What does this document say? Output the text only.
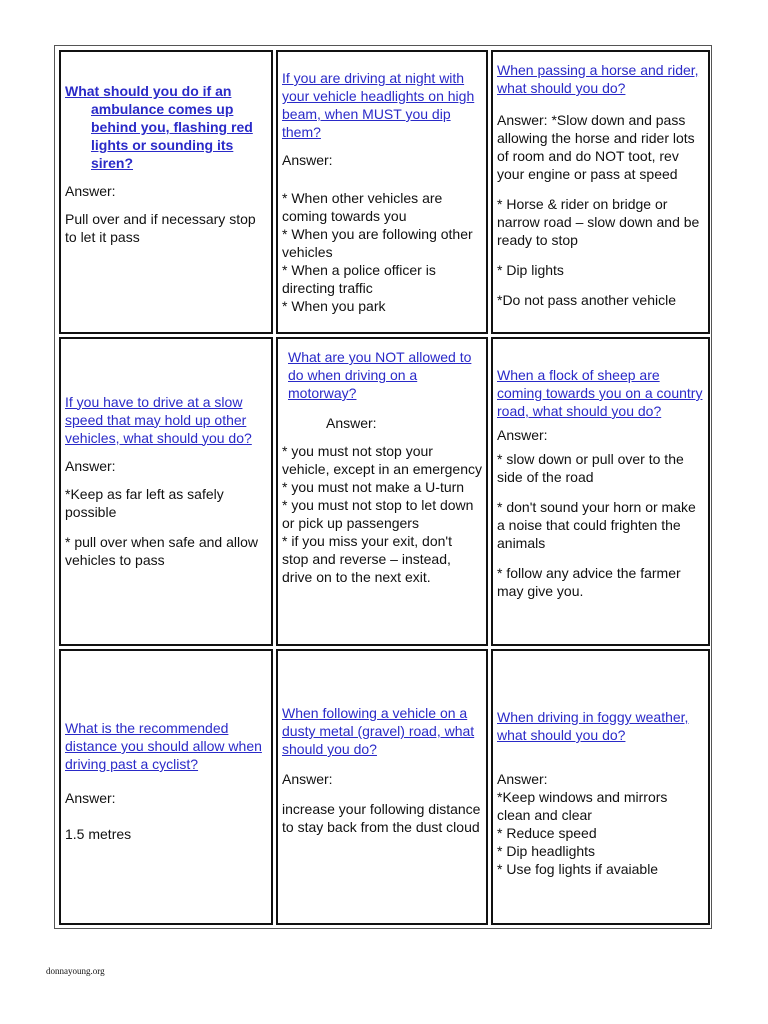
What should you do if an ambulance comes up behind you, flashing red lights or sounding its siren?

Answer:

Pull over and if necessary stop to let it pass

If you are driving at night with your vehicle headlights on high beam, when MUST you dip them?

Answer:

* When other vehicles are coming towards you

* When you are following other vehicles

* When a police officer is directing traffic

* When you park

When passing a horse and rider, what should you do?

Answer: *Slow down and pass allowing the horse and rider lots of room and do NOT toot, rev your engine or pass at speed

* Horse & rider on bridge or narrow road – slow down and be ready to stop

* Dip lights

*Do not pass another vehicle

If you have to drive at a slow speed that may hold up other vehicles, what should you do?

Answer:

*Keep as far left as safely possible

* pull over when safe and allow vehicles to pass

What are you NOT allowed to do when driving on a motorway?

Answer:

* you must not stop your vehicle, except in an emergency

* you must not make a U-turn

* you must not stop to let down or pick up passengers

* if you miss your exit, don't stop and reverse – instead, drive on to the next exit.

When a flock of sheep are coming towards you on a country road, what should you do?

Answer:

* slow down or pull over to the side of the road

* don't sound your horn or make a noise that could frighten the animals

* follow any advice the farmer may give you.

What is the recommended distance you should allow when driving past a cyclist?

Answer:

1.5 metres

When following a vehicle on a dusty metal (gravel) road, what should you do?

Answer:

increase your following distance to stay back from the dust cloud

When driving in foggy weather, what should you do?

Answer:

*Keep windows and mirrors clean and clear

* Reduce speed

* Dip headlights

* Use fog lights if avaiable

donnayoung.org
